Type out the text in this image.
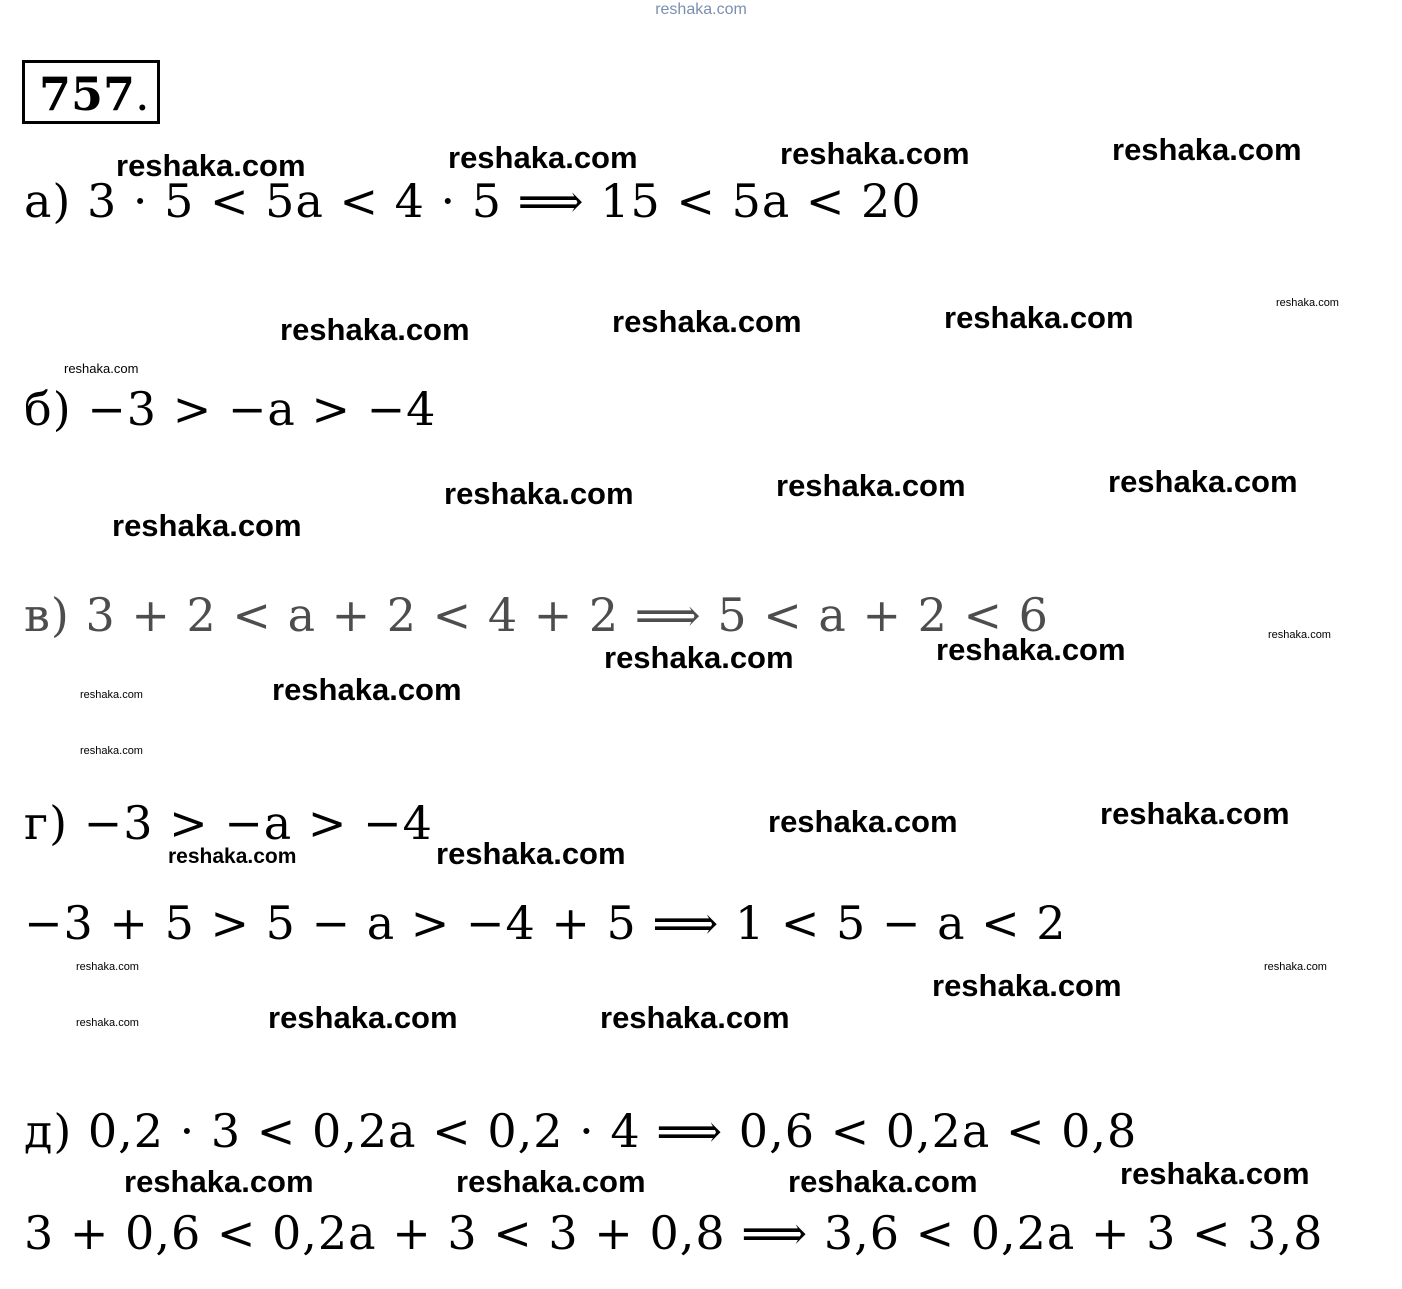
reshaka.com
757.
reshaka.com	reshaka.com	reshaka.com	reshaka.com
reshaka.com	reshaka.com	reshaka.com	reshaka.com
reshaka.com
reshaka.com	reshaka.com	reshaka.com
reshaka.com
reshaka.com	reshaka.com	reshaka.com
reshaka.com	reshaka.com
reshaka.com
reshaka.com	reshaka.com
reshaka.com	reshaka.com
reshaka.com	reshaka.com
reshaka.com
reshaka.com	reshaka.com	reshaka.com
reshaka.com	reshaka.com	reshaka.com	reshaka.com
а) 3 · 5 < 5a < 4 · 5 ⟹ 15 < 5a < 20
б) −3 > −a > −4
в) 3 + 2 < a + 2 < 4 + 2 ⟹ 5 < a + 2 < 6
г) −3 > −a > −4
−3 + 5 > 5 − a > −4 + 5 ⟹ 1 < 5 − a < 2
д) 0,2 · 3 < 0,2a < 0,2 · 4 ⟹ 0,6 < 0,2a < 0,8
3 + 0,6 < 0,2a + 3 < 3 + 0,8 ⟹ 3,6 < 0,2a + 3 < 3,8
